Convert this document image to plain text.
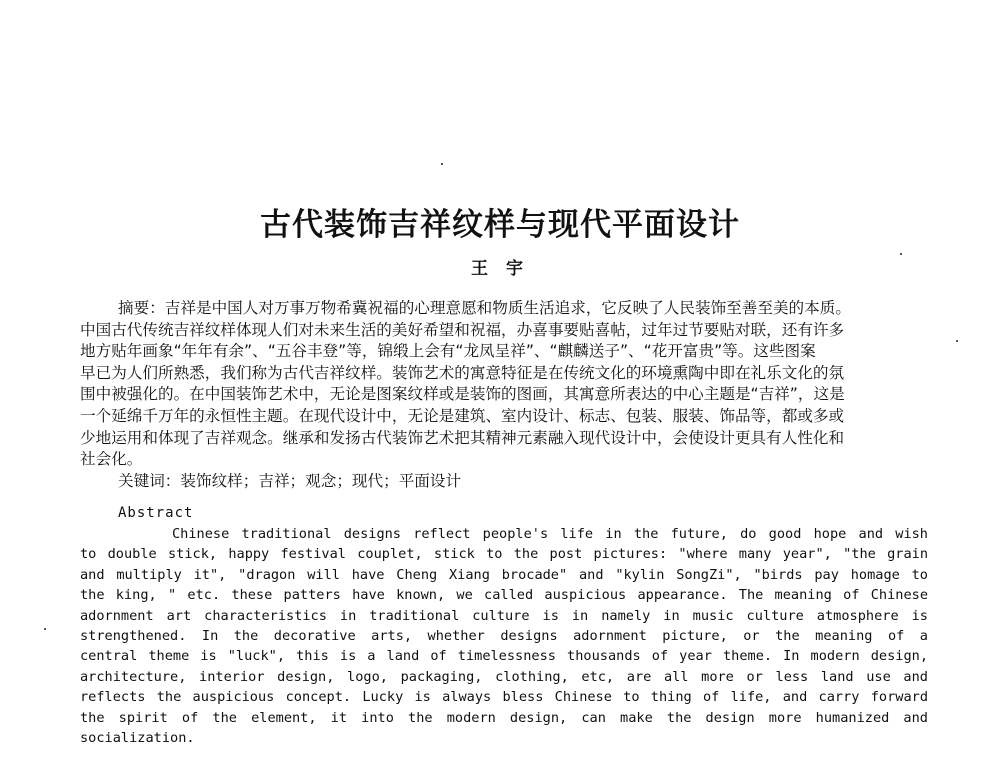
古代装饰吉祥纹样与现代平面设计
王 宇
摘要：吉祥是中国人对万事万物希冀祝福的心理意愿和物质生活追求，它反映了人民装饰至善至美的本质。
中国古代传统吉祥纹样体现人们对未来生活的美好希望和祝福，办喜事要贴喜帖，过年过节要贴对联，还有许多
地方贴年画象“年年有余”、“五谷丰登”等，锦缎上会有“龙凤呈祥”、“麒麟送子”、“花开富贵”等。这些图案
早已为人们所熟悉，我们称为古代吉祥纹样。装饰艺术的寓意特征是在传统文化的环境熏陶中即在礼乐文化的氛
围中被强化的。在中国装饰艺术中，无论是图案纹样或是装饰的图画，其寓意所表达的中心主题是“吉祥”，这是
一个延绵千万年的永恒性主题。在现代设计中，无论是建筑、室内设计、标志、包装、服装、饰品等，都或多或
少地运用和体现了吉祥观念。继承和发扬古代装饰艺术把其精神元素融入现代设计中，会使设计更具有人性化和
社会化。
关键词：装饰纹样；吉祥；观念；现代；平面设计
Abstract
Chinese traditional designs reflect people's life in the future, do good hope and wish
to double stick, happy festival couplet, stick to the post pictures: "where many year", "the grain
and multiply it", "dragon will have Cheng Xiang brocade" and "kylin SongZi", "birds pay homage to
the king, " etc. these patters have known, we called auspicious appearance. The meaning of Chinese
adornment art characteristics in traditional culture is in namely in music culture atmosphere is
strengthened. In the decorative arts, whether designs adornment picture, or the meaning of a
central theme is "luck", this is a land of timelessness thousands of year theme. In modern design,
architecture, interior design, logo, packaging, clothing, etc, are all more or less land use and
reflects the auspicious concept. Lucky is always bless Chinese to thing of life, and carry forward
the spirit of the element, it into the modern design, can make the design more humanized and
socialization.
